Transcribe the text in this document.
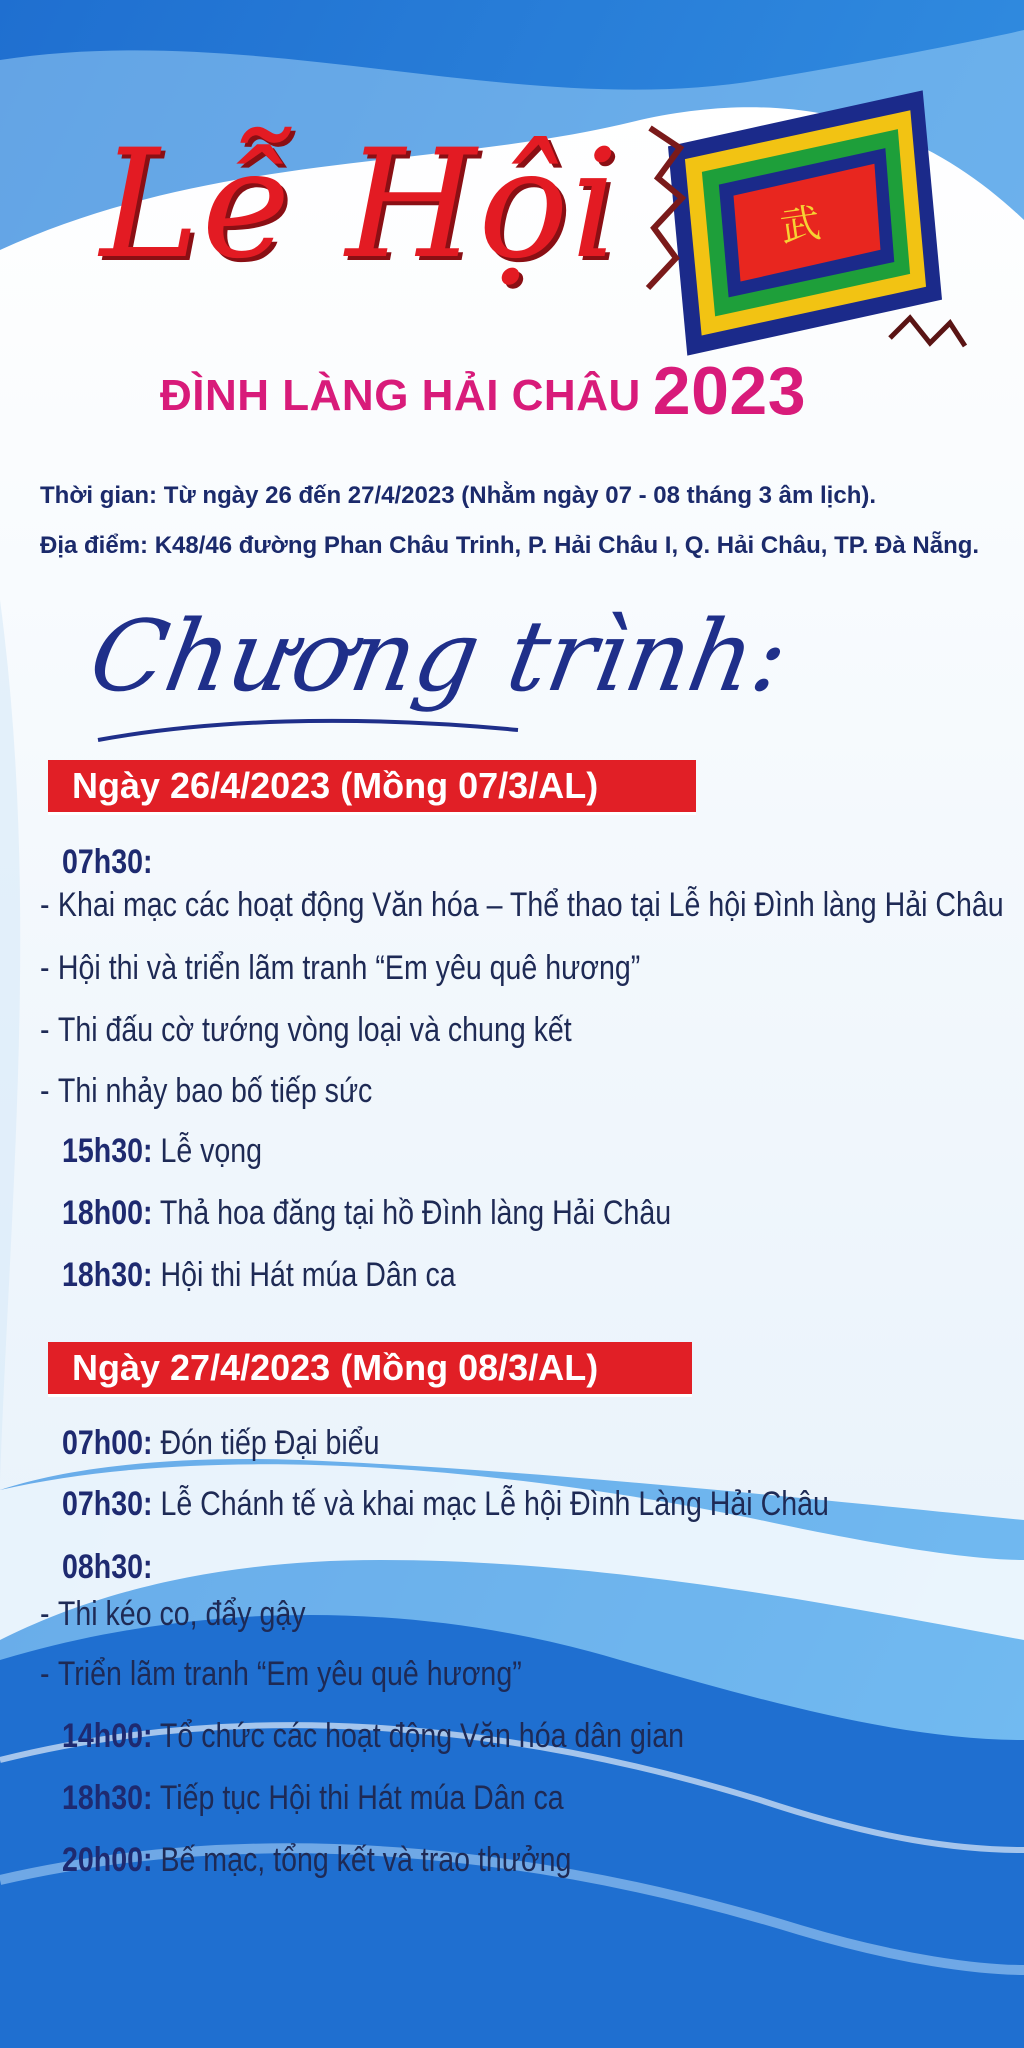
Lễ Hội	武
ĐÌNH LÀNG HẢI CHÂU 2023
Thời gian: Từ ngày 26 đến 27/4/2023 (Nhằm ngày 07 - 08 tháng 3 âm lịch).
Địa điểm: K48/46 đường Phan Châu Trinh, P. Hải Châu I, Q. Hải Châu, TP. Đà Nẵng.
Chương trình:
Ngày 26/4/2023 (Mồng 07/3/AL)
07h30:
- Khai mạc các hoạt động Văn hóa – Thể thao tại Lễ hội Đình làng Hải Châu
- Hội thi và triển lãm tranh “Em yêu quê hương”
- Thi đấu cờ tướng vòng loại và chung kết
- Thi nhảy bao bố tiếp sức
15h30: Lễ vọng
18h00: Thả hoa đăng tại hồ Đình làng Hải Châu
18h30: Hội thi Hát múa Dân ca
Ngày 27/4/2023 (Mồng 08/3/AL)
07h00: Đón tiếp Đại biểu
07h30: Lễ Chánh tế và khai mạc Lễ hội Đình Làng Hải Châu
08h30:
- Thi kéo co, đẩy gậy
- Triển lãm tranh “Em yêu quê hương”
14h00: Tổ chức các hoạt động Văn hóa dân gian
18h30: Tiếp tục Hội thi Hát múa Dân ca
20h00: Bế mạc, tổng kết và trao thưởng
